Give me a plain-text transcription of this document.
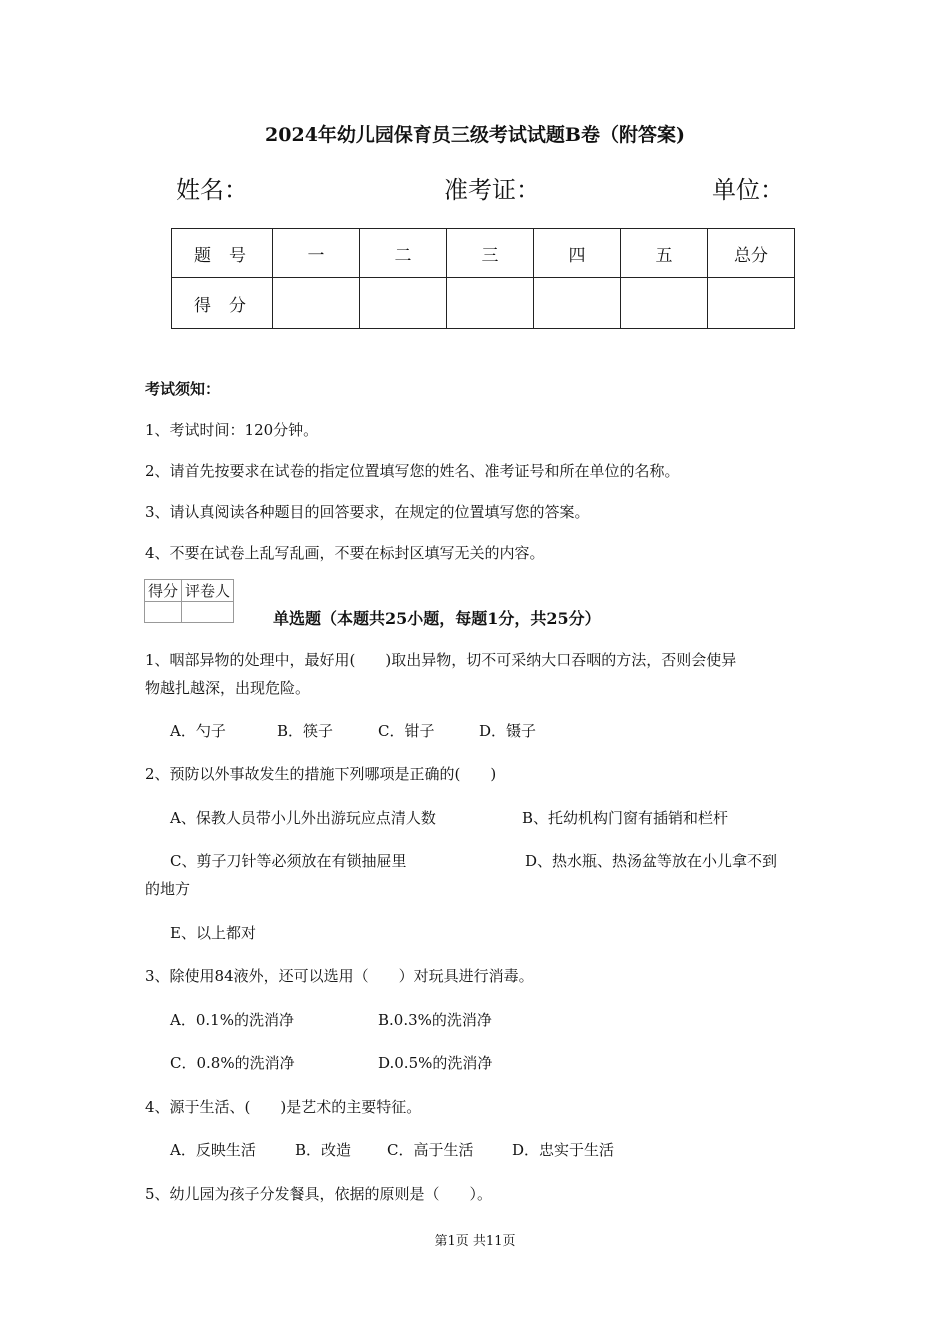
2024年幼儿园保育员三级考试试题B卷（附答案)
姓名：	准考证：	单位：
题号	一	二	三	四	五	总分
得分						
考试须知：
1、考试时间：120分钟。
2、请首先按要求在试卷的指定位置填写您的姓名、准考证号和所在单位的名称。
3、请认真阅读各种题目的回答要求，在规定的位置填写您的答案。
4、不要在试卷上乱写乱画，不要在标封区填写无关的内容。
得分	评卷人

单选题（本题共25小题，每题1分，共25分）
1、咽部异物的处理中，最好用(　　)取出异物，切不可采纳大口吞咽的方法，否则会使异
物越扎越深，出现危险。
A．勺子	B．筷子	C．钳子	D．镊子
2、预防以外事故发生的措施下列哪项是正确的(　　)
A、保教人员带小儿外出游玩应点清人数	B、托幼机构门窗有插销和栏杆
C、剪子刀针等必须放在有锁抽屉里	D、热水瓶、热汤盆等放在小儿拿不到
的地方
E、以上都对
3、除使用84液外，还可以选用（　　）对玩具进行消毒。
A．0.1%的洗消净	B.0.3%的洗消净
C．0.8%的洗消净	D.0.5%的洗消净
4、源于生活、(　　)是艺术的主要特征。
A．反映生活	B．改造 C．高于生活	D．忠实于生活
5、幼儿园为孩子分发餐具，依据的原则是（　　）。
第1页 共11页
